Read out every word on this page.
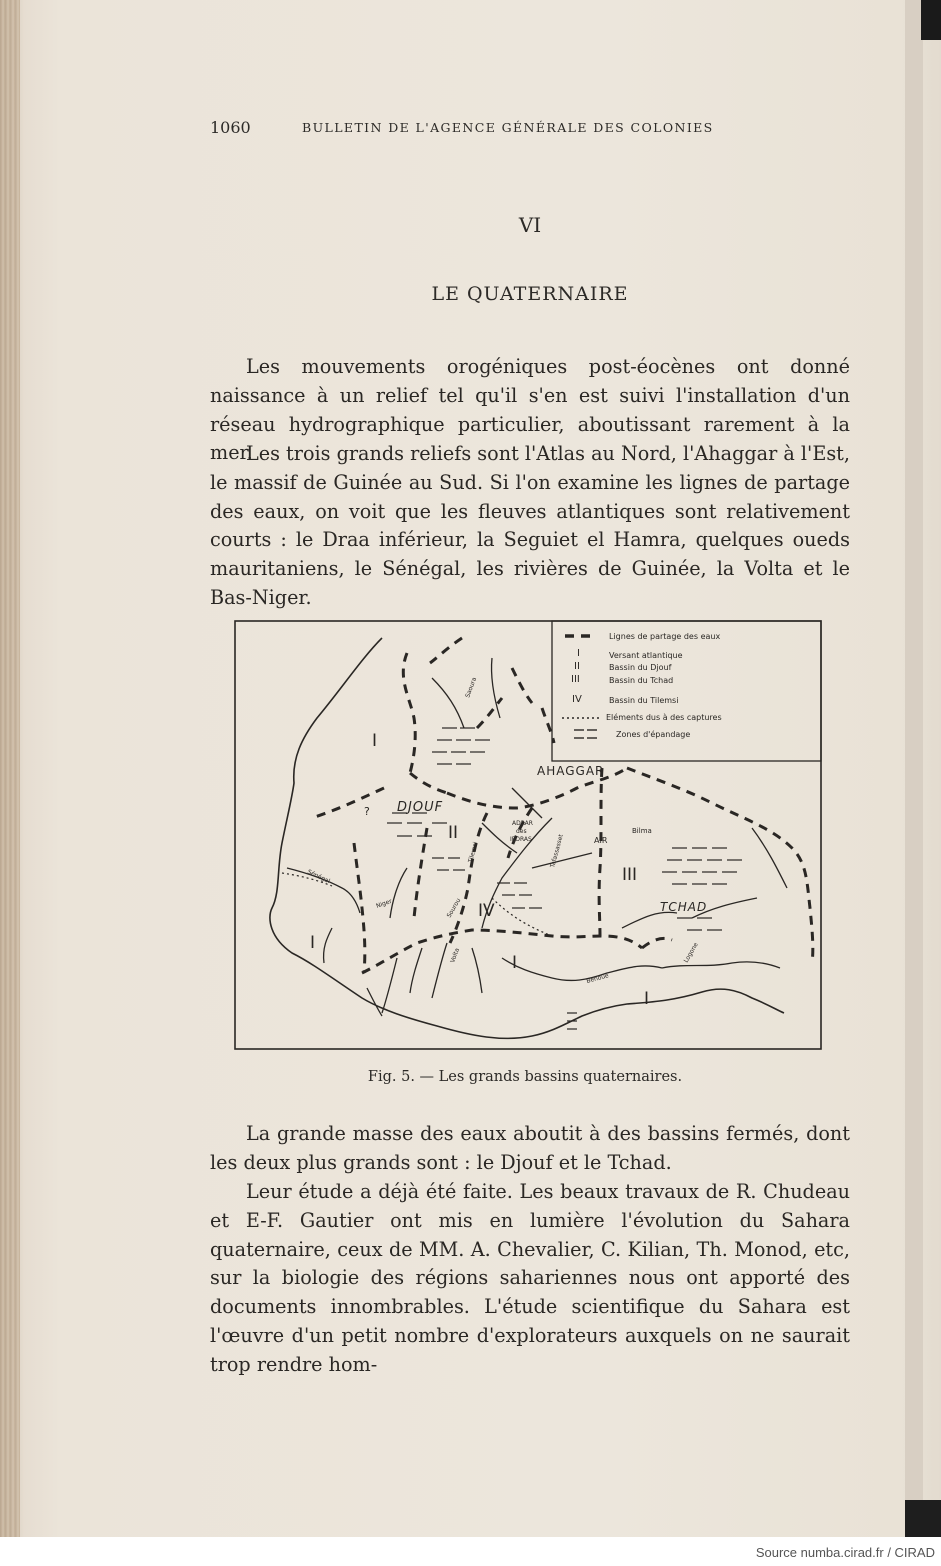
1060	BULLETIN DE L'AGENCE GÉNÉRALE DES COLONIES
VI
LE QUATERNAIRE

Les mouvements orogéniques post-éocènes ont donné naissance à un relief tel qu'il s'en est suivi l'installation d'un réseau hydrographique particulier, aboutissant rarement à la mer.

Les trois grands reliefs sont l'Atlas au Nord, l'Ahaggar à l'Est, le massif de Guinée au Sud. Si l'on examine les lignes de partage des eaux, on voit que les fleuves atlantiques sont relativement courts : le Draa inférieur, la Seguiet el Hamra, quelques oueds mauritaniens, le Sénégal, les rivières de Guinée, la Volta et le Bas-Niger.

Lignes de partage des eaux
I	Versant atlantique
II	Bassin du Djouf
III	Bassin du Tchad
IV	Bassin du Tilemsi
Eléments dus à des captures
Zones d'épandage
AHAGGAR
DJOUF
TCHAD
ADRAR
des
IFORAS	AIR
Bilma
?
I
II
III
IV
I
I
I
Sénégal
Niger	Sourou
Volta
Tilemsi	Tafassasset
Saoura
Benoue
Logone
Fig. 5. — Les grands bassins quaternaires.

La grande masse des eaux aboutit à des bassins fermés, dont les deux plus grands sont : le Djouf et le Tchad.

Leur étude a déjà été faite. Les beaux travaux de R. Chudeau et E-F. Gautier ont mis en lumière l'évolution du Sahara quaternaire, ceux de MM. A. Chevalier, C. Kilian, Th. Monod, etc, sur la biologie des régions sahariennes nous ont apporté des documents innombrables. L'étude scientifique du Sahara est l'œuvre d'un petit nombre d'explorateurs auxquels on ne saurait trop rendre hom-

Source numba.cirad.fr / CIRAD
